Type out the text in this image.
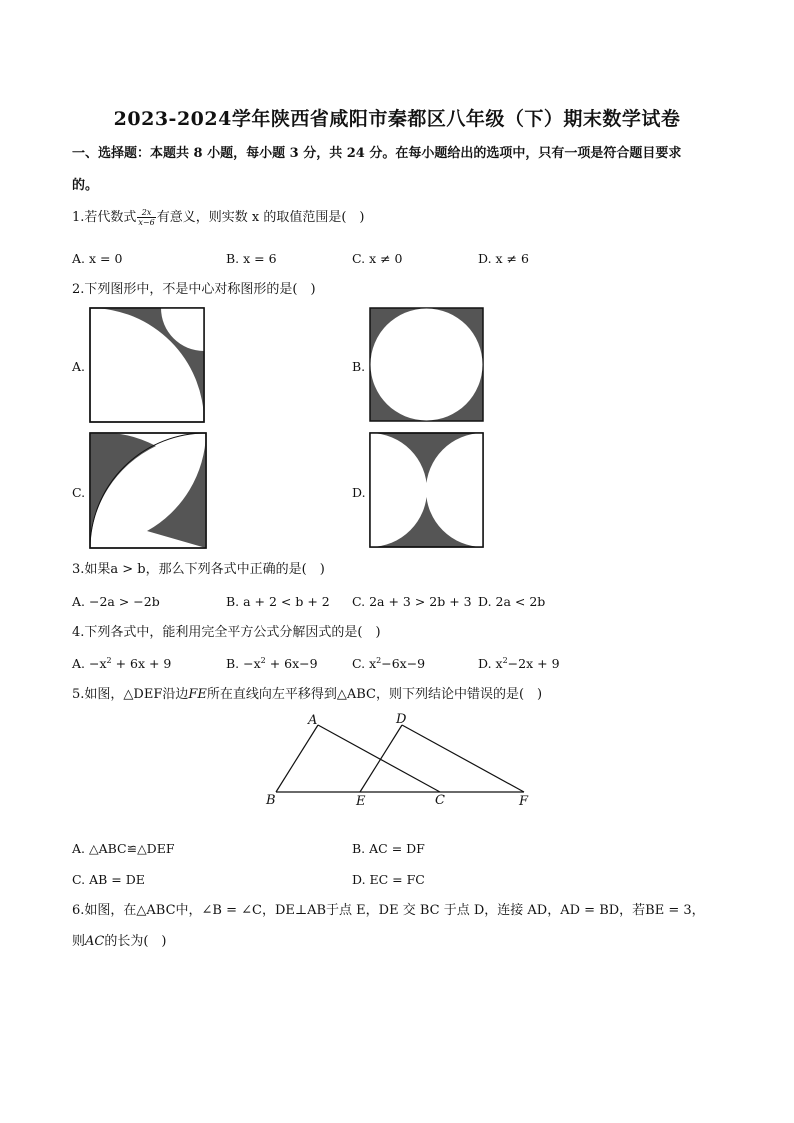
2023-2024学年陕西省咸阳市秦都区八年级（下）期末数学试卷
一、选择题：本题共 8 小题，每小题 3 分，共 24 分。在每小题给出的选项中，只有一项是符合题目要求
的。
1.若代数式 $\frac{2x}{x-6}$ 有意义，则实数 x 的取值范围是(　)
A. x = 0	B. x = 6	C. x ≠ 0	D. x ≠ 6
2.下列图形中，不是中心对称图形的是(　)
A.	B.
C.	D.
3.如果a > b，那么下列各式中正确的是(　)
A. −2a > −2b	B. a + 2 < b + 2 C. 2a + 3 > 2b + 3 D. 2a < 2b
4.下列各式中，能利用完全平方公式分解因式的是(　)
A. $-x^2 + 6x + 9$	B. $-x^2 + 6x-9$	C. $x^2-6x-9$	D. $x^2-2x + 9$
5.如图，△DEF沿边FE所在直线向左平移得到△ABC，则下列结论中错误的是(　)
A	D
B	E	C	F
A. △ABC≌△DEF	B. AC = DF
C. AB = DE	D. EC = FC
6.如图，在△ABC中，∠B = ∠C，DE⊥AB于点 E，DE 交 BC 于点 D，连接 AD，AD = BD，若BE = 3，
则AC的长为(　)
